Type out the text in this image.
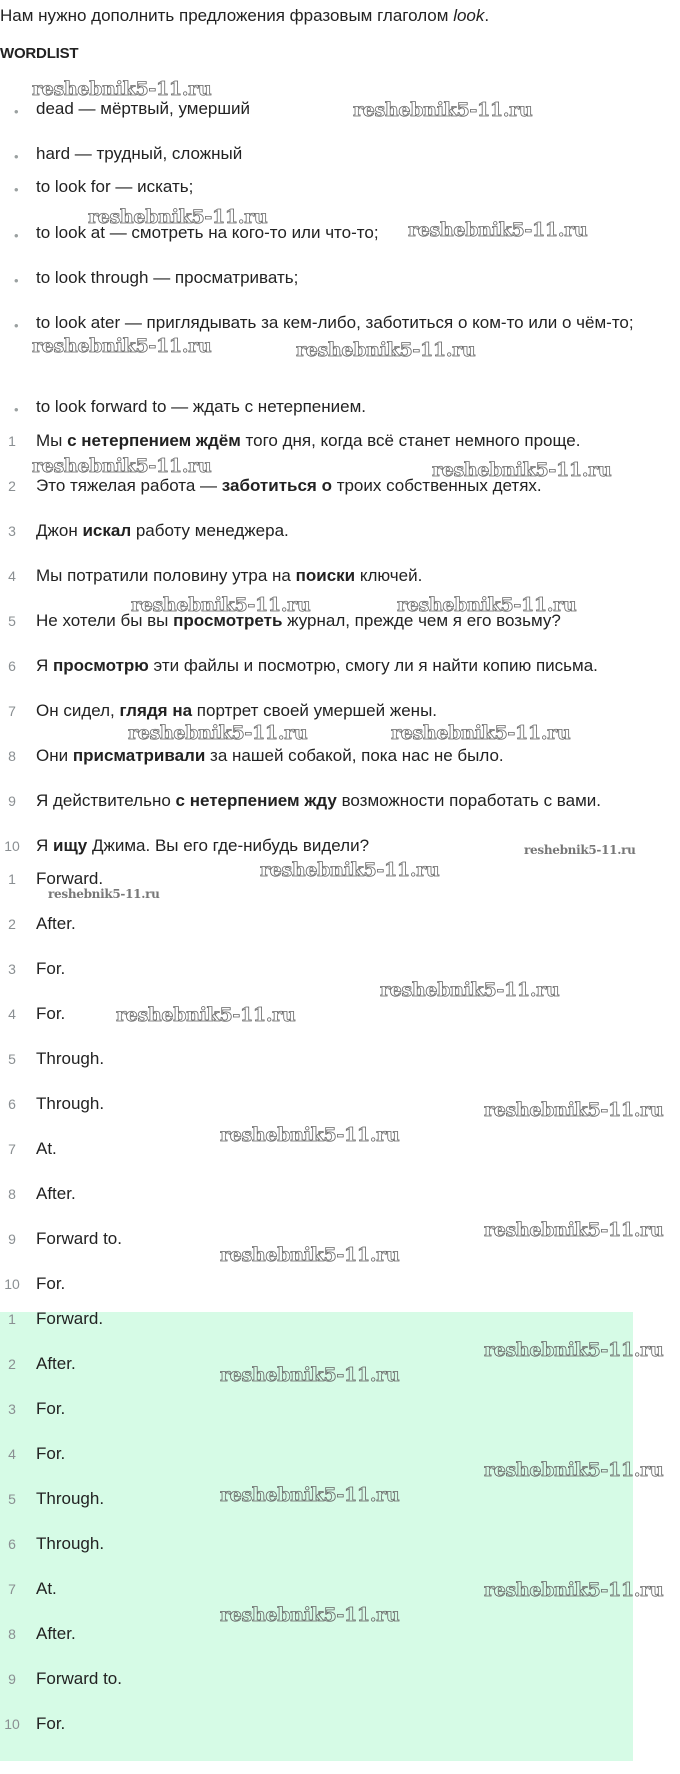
Нам нужно дополнить предложения фразовым глаголом look.
WORDLIST
• dead — мёртвый, умерший
• hard — трудный, сложный
• to look for — искать;
• to look at — смотреть на кого-то или что-то;
• to look through — просматривать;
• to look ater — приглядывать за кем-либо, заботиться о ком-то или о чём-то;
• to look forward to — ждать с нетерпением.
1	Мы с нетерпением ждём того дня, когда всё станет немного проще.
2	Это тяжелая работа — заботиться о троих собственных детях.
3	Джон искал работу менеджера.
4	Мы потратили половину утра на поиски ключей.
5	Не хотели бы вы просмотреть журнал, прежде чем я его возьму?
6	Я просмотрю эти файлы и посмотрю, смогу ли я найти копию письма.
7	Он сидел, глядя на портрет своей умершей жены.
8	Они присматривали за нашей собакой, пока нас не было.
9	Я действительно с нетерпением жду возможности поработать с вами.
10 Я ищу Джима. Вы его где-нибудь видели?
1	Forward.
2	After.
3	For.
4	For.
5	Through.
6	Through.
7	At.
8	After.
9	Forward to.
10 For.
1	Forward.
2	After.
3	For.
4	For.
5	Through.
6	Through.
7	At.
8	After.
9	Forward to.
10 For.
reshebnik5-11.ru
reshebnik5-11.ru
reshebnik5-11.ru
reshebnik5-11.ru
reshebnik5-11.ru	reshebnik5-11.ru
reshebnik5-11.ru	reshebnik5-11.ru
reshebnik5-11.ru	reshebnik5-11.ru
reshebnik5-11.ru	reshebnik5-11.ru
reshebnik5-11.ru
reshebnik5-11.ru
reshebnik5-11.ru
reshebnik5-11.ru
reshebnik5-11.ru
reshebnik5-11.ru
reshebnik5-11.ru
reshebnik5-11.ru
reshebnik5-11.ru
reshebnik5-11.ru
reshebnik5-11.ru
reshebnik5-11.ru
reshebnik5-11.ru
reshebnik5-11.ru
reshebnik5-11.ru
